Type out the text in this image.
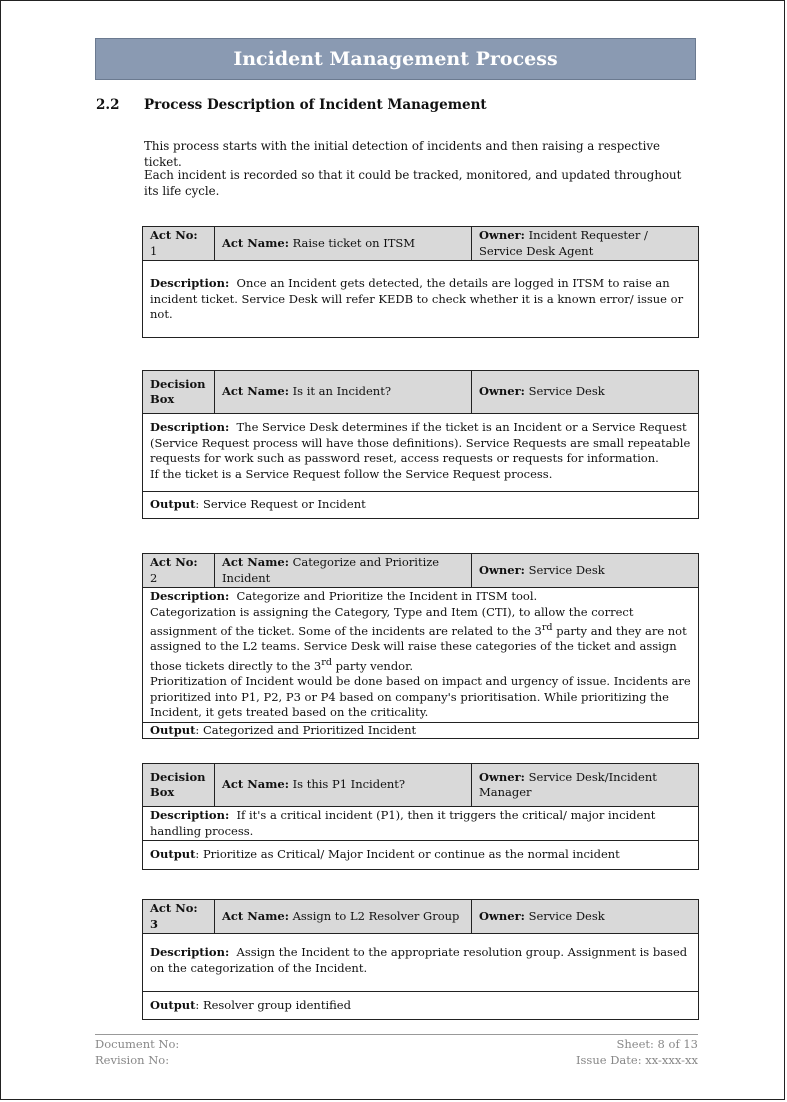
Incident Management Process
2.2 Process Description of Incident Management
This process starts with the initial detection of incidents and then raising a respective ticket.
Each incident is recorded so that it could be tracked, monitored, and updated throughout its life cycle.
Act No: 1	Act Name: Raise ticket on ITSM	Owner: Incident Requester / Service Desk Agent
Description: Once an Incident gets detected, the details are logged in ITSM to raise an incident ticket. Service Desk will refer KEDB to check whether it is a known error/ issue or not.
Decision Box	Act Name: Is it an Incident?	Owner: Service Desk

Description: The Service Desk determines if the ticket is an Incident or a Service Request (Service Request process will have those definitions). Service Requests are small repeatable requests for work such as password reset, access requests or requests for information.
If the ticket is a Service Request follow the Service Request process.

Output: Service Request or Incident
Act No: 2	Act Name: Categorize and Prioritize Incident	Owner: Service Desk

Description: Categorize and Prioritize the Incident in ITSM tool.
Categorization is assigning the Category, Type and Item (CTI), to allow the correct assignment of the ticket. Some of the incidents are related to the 3rd party and they are not assigned to the L2 teams. Service Desk will raise these categories of the ticket and assign those tickets directly to the 3rd party vendor.
Prioritization of Incident would be done based on impact and urgency of issue. Incidents are prioritized into P1, P2, P3 or P4 based on company's prioritisation. While prioritizing the Incident, it gets treated based on the criticality.

Output: Categorized and Prioritized Incident
Decision Box	Act Name: Is this P1 Incident?	Owner: Service Desk/Incident Manager
Description: If it's a critical incident (P1), then it triggers the critical/ major incident handling process.
Output: Prioritize as Critical/ Major Incident or continue as the normal incident
Act No: 3	Act Name: Assign to L2 Resolver Group	Owner: Service Desk
Description: Assign the Incident to the appropriate resolution group. Assignment is based on the categorization of the Incident.
Output: Resolver group identified
Document No:	Sheet: 8 of 13
Revision No:	Issue Date: xx-xxx-xx
